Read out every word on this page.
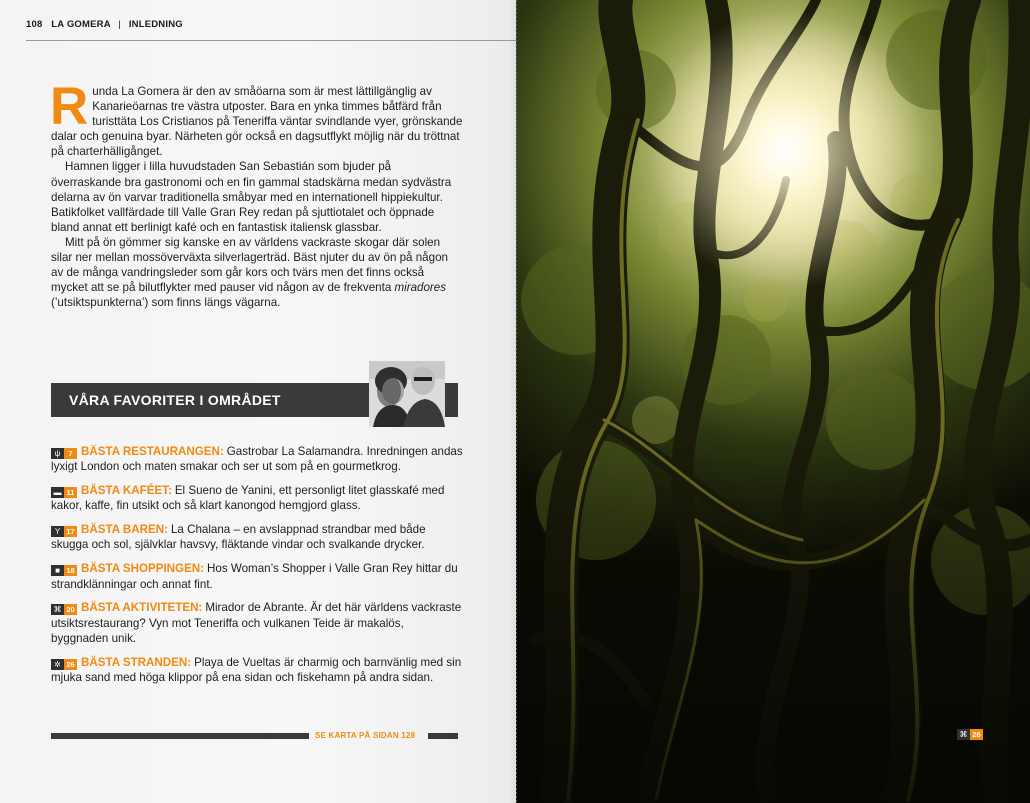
108 LA GOMERA | INLEDNING

Runda La Gomera är den av småöarna som är mest lättillgänglig av Kanarieöarnas tre västra utposter. Bara en ynka timmes båtfärd från turisttäta Los Cristianos på Teneriffa väntar svindlande vyer, grönskande dalar och genuina byar. Närheten gör också en dagsutflykt möjlig när du tröttnat på charterhälligånget.

Hamnen ligger i lilla huvudstaden San Sebastián som bjuder på överraskande bra gastronomi och en fin gammal stadskärna medan sydvästra delarna av ön varvar traditionella småbyar med en internationell hippiekultur. Batikfolket vallfärdade till Valle Gran Rey redan på sjuttiotalet och öppnade bland annat ett berlinigt kafé och en fantastisk italiensk glassbar.

Mitt på ön gömmer sig kanske en av världens vackraste skogar där solen silar ner mellan mossöverväxta silverlagerträd. Bäst njuter du av ön på någon av de många vandringsleder som går kors och tvärs men det finns också mycket att se på bilutflykter med pauser vid någon av de frekventa miradores (’utsiktspunkterna’) som finns längs vägarna.

VÅRA FAVORITER I OMRÅDET
ψ	7 BÄSTA RESTAURANGEN: Gastrobar La Salamandra. Inredningen andas lyxigt London och maten smakar och ser ut som på en gourmetkrog.
▬ 11 BÄSTA KAFÉET: El Sueno de Yanini, ett personligt litet glasskafé med kakor, kaffe, fin utsikt och så klart kanongod hemgjord glass.
Y 17 BÄSTA BAREN: La Chalana – en avslappnad strandbar med både skugga och sol, självklar havsvy, fläktande vindar och svalkande drycker.
■ 18 BÄSTA SHOPPINGEN: Hos Woman’s Shopper i Valle Gran Rey hittar du strandklänningar och annat fint.
⌘ 20 BÄSTA AKTIVITETEN: Mirador de Abrante. Är det här världens vackraste utsiktsrestaurang? Vyn mot Teneriffa och vulkanen Teide är makalös, byggnaden unik.
✲ 26 BÄSTA STRANDEN: Playa de Vueltas är charmig och barnvänlig med sin mjuka sand med höga klippor på ena sidan och fiskehamn på andra sidan.
SE KARTA PÅ SIDAN 128	⌘ 26
